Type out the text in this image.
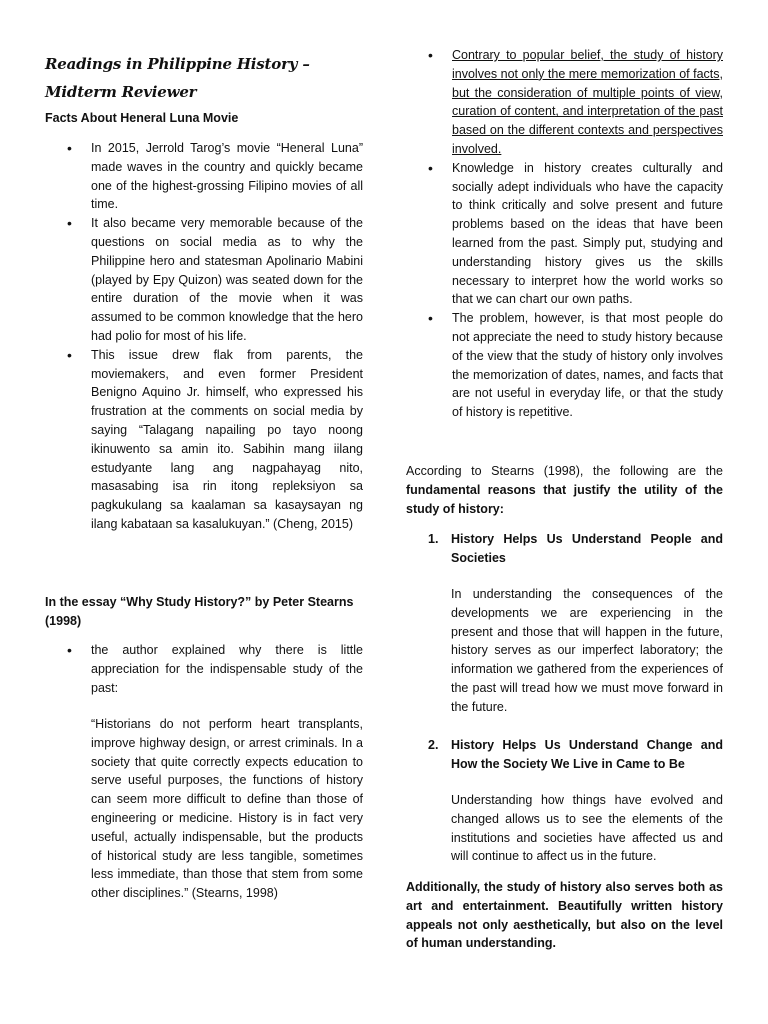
Readings in Philippine History – Midterm Reviewer

Facts About Heneral Luna Movie

• In 2015, Jerrold Tarog’s movie “Heneral Luna” made waves in the country and quickly became one of the highest-grossing Filipino movies of all time.
• It also became very memorable because of the questions on social media as to why the Philippine hero and statesman Apolinario Mabini (played by Epy Quizon) was seated down for the entire duration of the movie when it was assumed to be common knowledge that the hero had polio for most of his life.
• This issue drew flak from parents, the moviemakers, and even former President Benigno Aquino Jr. himself, who expressed his frustration at the comments on social media by saying “Talagang napailing po tayo noong ikinuwento sa amin ito. Sabihin mang iilang estudyante lang ang nagpahayag nito, masasabing isa rin itong repleksiyon sa pagkukulang sa kaalaman sa kasaysayan ng ilang kabataan sa kasalukuyan.” (Cheng, 2015)

In the essay “Why Study History?” by Peter Stearns (1998)

• the author explained why there is little appreciation for the indispensable study of the past:

“Historians do not perform heart transplants, improve highway design, or arrest criminals. In a society that quite correctly expects education to serve useful purposes, the functions of history can seem more difficult to define than those of engineering or medicine. History is in fact very useful, actually indispensable, but the products of historical study are less tangible, sometimes less immediate, than those that stem from some other disciplines.” (Stearns, 1998)

• Contrary to popular belief, the study of history involves not only the mere memorization of facts, but the consideration of multiple points of view, curation of content, and interpretation of the past based on the different contexts and perspectives involved.
• Knowledge in history creates culturally and socially adept individuals who have the capacity to think critically and solve present and future problems based on the ideas that have been learned from the past. Simply put, studying and understanding history gives us the skills necessary to interpret how the world works so that we can chart our own paths.
• The problem, however, is that most people do not appreciate the need to study history because of the view that the study of history only involves the memorization of dates, names, and facts that are not useful in everyday life, or that the study of history is repetitive.

According to Stearns (1998), the following are the fundamental reasons that justify the utility of the study of history:

1. History Helps Us Understand People and Societies

In understanding the consequences of the developments we are experiencing in the present and those that will happen in the future, history serves as our imperfect laboratory; the information we gathered from the experiences of the past will tread how we must move forward in the future.

2. History Helps Us Understand Change and How the Society We Live in Came to Be

Understanding how things have evolved and changed allows us to see the elements of the institutions and societies have affected us and will continue to affect us in the future.

Additionally, the study of history also serves both as art and entertainment. Beautifully written history appeals not only aesthetically, but also on the level of human understanding.
